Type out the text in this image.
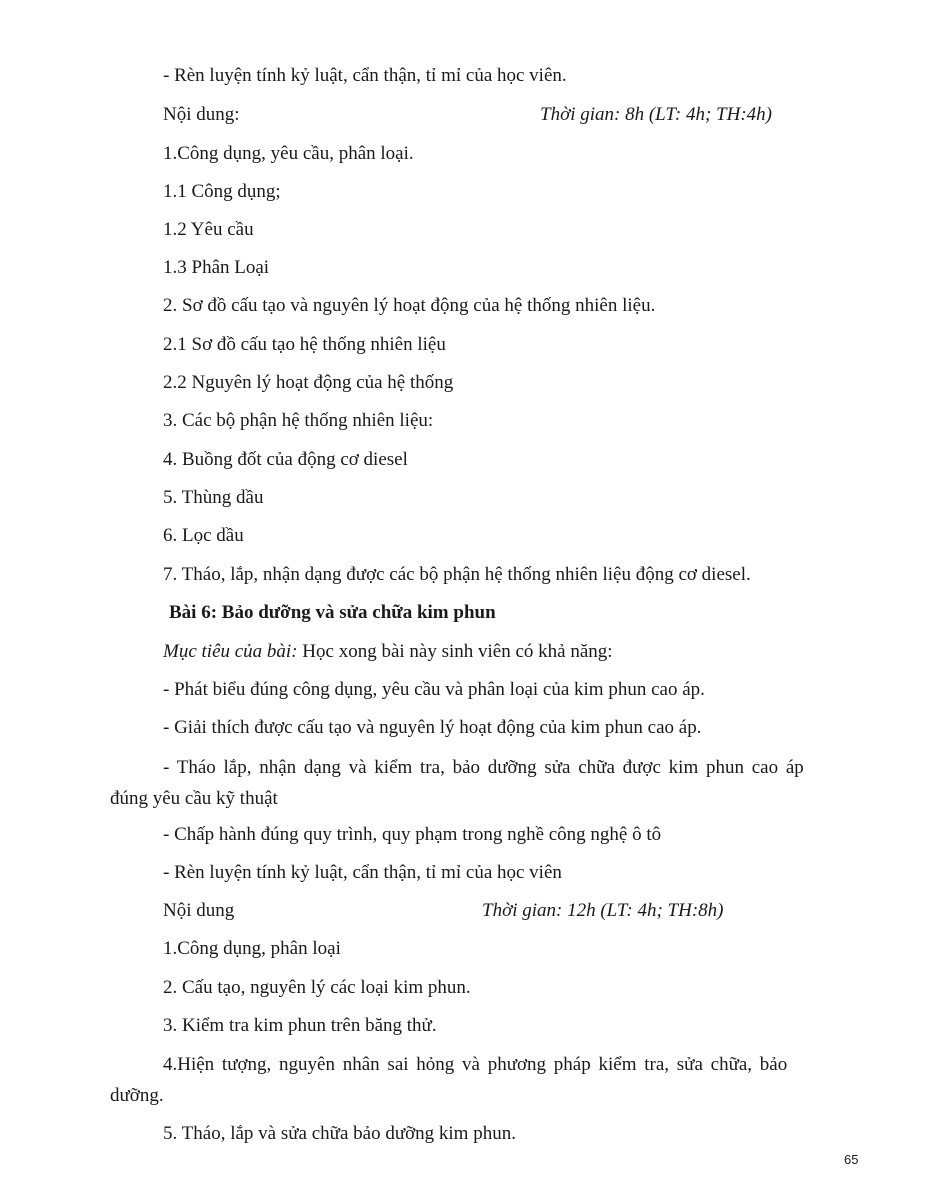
- Rèn luyện tính kỷ luật, cẩn thận, tỉ mỉ của học viên.
Nội dung:	Thời gian: 8h (LT: 4h; TH:4h)
1.Công dụng, yêu cầu, phân loại.
1.1 Công dụng;
1.2 Yêu cầu
1.3 Phân Loại
2. Sơ đồ cấu tạo và nguyên lý hoạt động của hệ thống nhiên liệu.
2.1 Sơ đồ cấu tạo hệ thống nhiên liệu
2.2 Nguyên lý hoạt động của hệ thống
3. Các bộ phận hệ thống nhiên liệu:
4. Buồng đốt của động cơ diesel
5. Thùng dầu
6. Lọc dầu
7. Tháo, lắp, nhận dạng được các bộ phận hệ thống nhiên liệu động cơ diesel.
Bài 6: Bảo dưỡng và sửa chữa kim phun
Mục tiêu của bài: Học xong bài này sinh viên có khả năng:
- Phát biểu đúng công dụng, yêu cầu và phân loại của kim phun cao áp.
- Giải thích được cấu tạo và nguyên lý hoạt động của kim phun cao áp.
- Tháo lắp, nhận dạng và kiểm tra, bảo dưỡng sửa chữa được kim phun cao áp
đúng yêu cầu kỹ thuật
- Chấp hành đúng quy trình, quy phạm trong nghề công nghệ ô tô
- Rèn luyện tính kỷ luật, cẩn thận, tỉ mỉ của học viên
Nội dung	Thời gian: 12h (LT: 4h; TH:8h)
1.Công dụng, phân loại
2. Cấu tạo, nguyên lý các loại kim phun.
3. Kiểm tra kim phun trên băng thử.
4.Hiện tượng, nguyên nhân sai hỏng và phương pháp kiểm tra, sửa chữa, bảo
dưỡng.
5. Tháo, lắp và sửa chữa bảo dưỡng kim phun.
65
